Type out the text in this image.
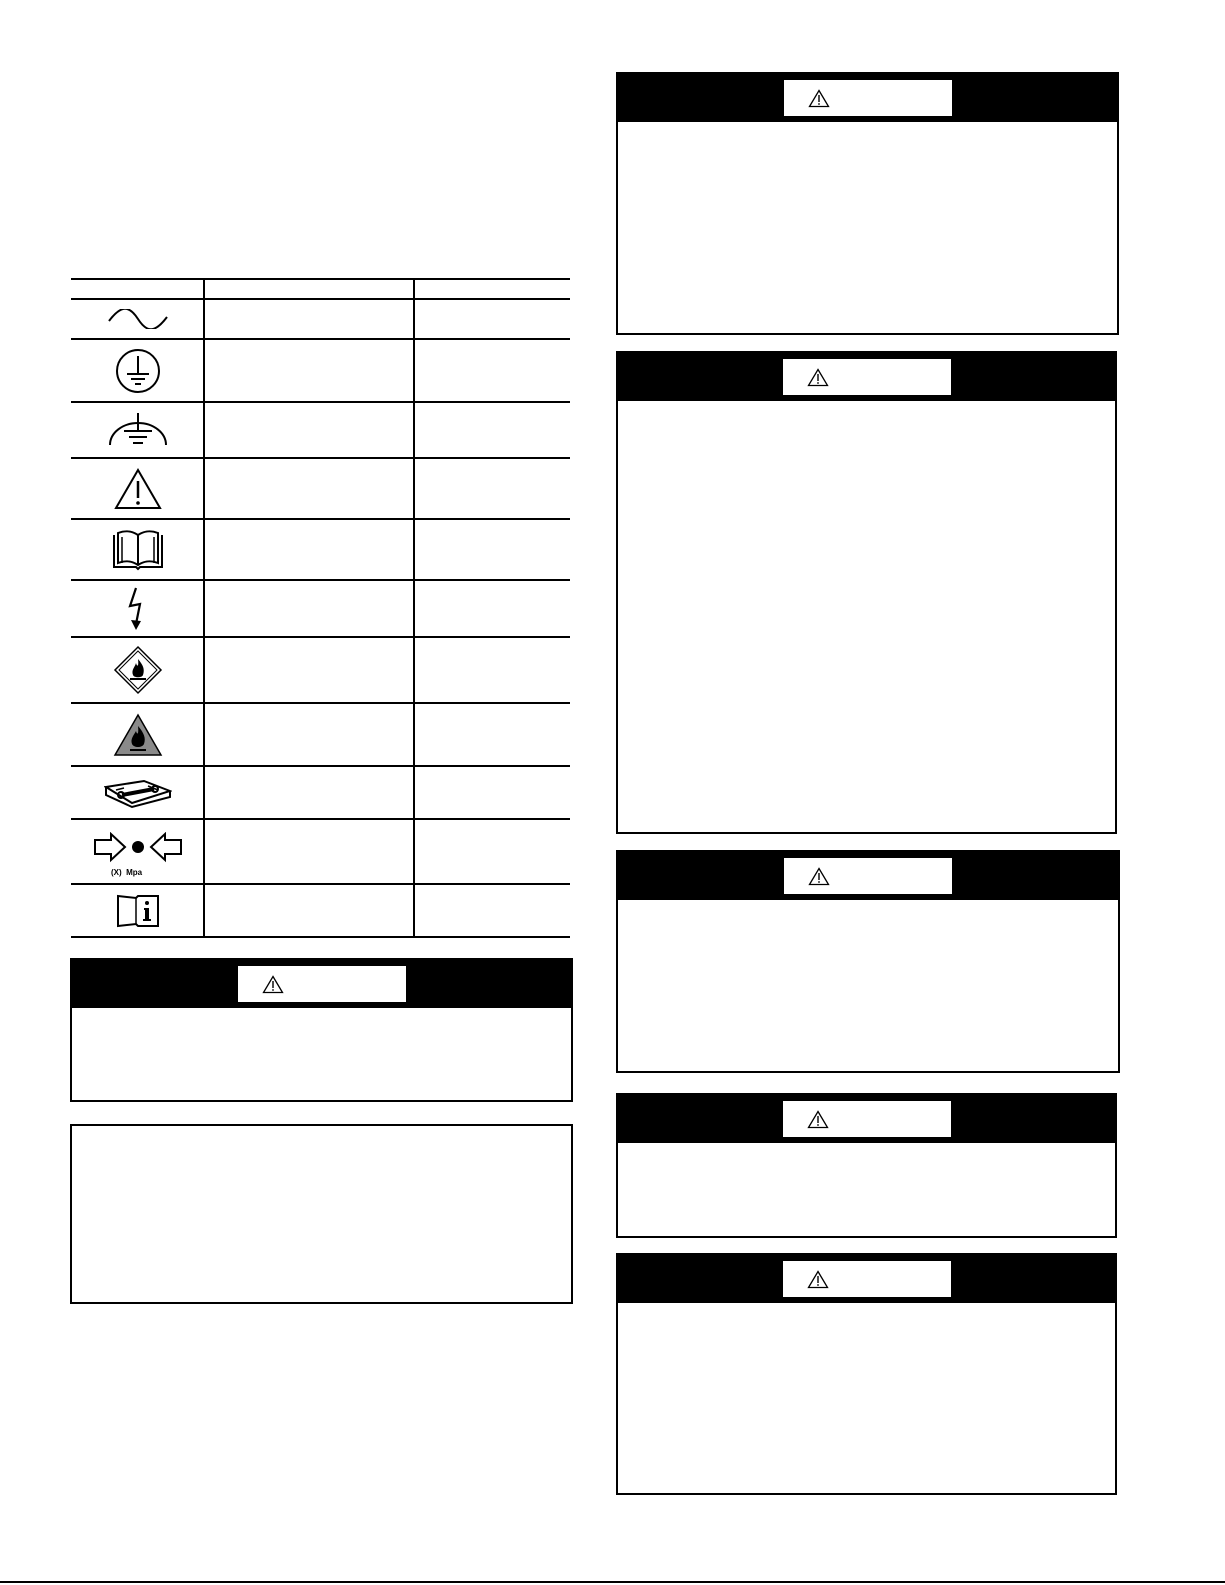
(X)  Mpa
